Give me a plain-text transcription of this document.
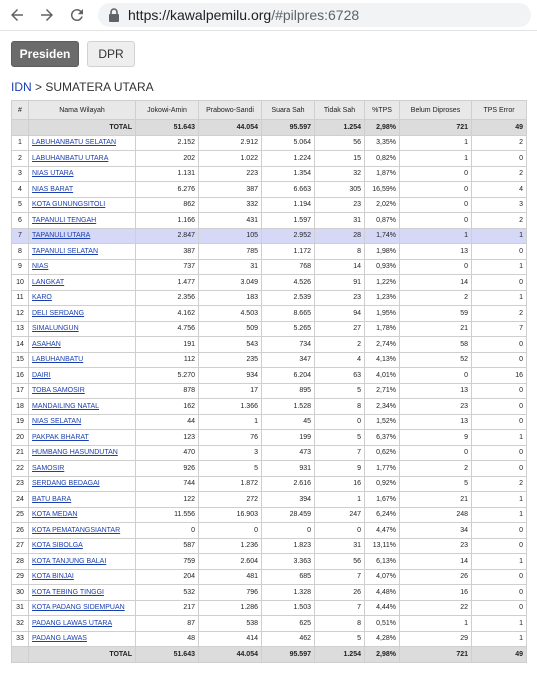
https://kawalpemilu.org /#pilpres:6728
Presiden	DPR
IDN > SUMATERA UTARA
#	Nama Wilayah	Jokowi-Amin	Prabowo-Sandi	Suara Sah	Tidak Sah	%TPS	Belum Diproses	TPS Error
	TOTAL	51.643	44.054	95.597	1.254	2,98%	721	49
1	LABUHANBATU SELATAN	2.152	2.912	5.064	56	3,35%	1	2
2	LABUHANBATU UTARA	202	1.022	1.224	15	0,82%	1	0
3	NIAS UTARA	1.131	223	1.354	32	1,87%	0	2
4	NIAS BARAT	6.276	387	6.663	305	16,59%	0	4
5	KOTA GUNUNGSITOLI	862	332	1.194	23	2,02%	0	3
6	TAPANULI TENGAH	1.166	431	1.597	31	0,87%	0	2
7	TAPANULI UTARA	2.847	105	2.952	28	1,74%	1	1
8	TAPANULI SELATAN	387	785	1.172	8	1,98%	13	0
9	NIAS	737	31	768	14	0,93%	0	1
10	LANGKAT	1.477	3.049	4.526	91	1,22%	14	0
11	KARO	2.356	183	2.539	23	1,23%	2	1
12	DELI SERDANG	4.162	4.503	8.665	94	1,95%	59	2
13	SIMALUNGUN	4.756	509	5.265	27	1,78%	21	7
14	ASAHAN	191	543	734	2	2,74%	58	0
15	LABUHANBATU	112	235	347	4	4,13%	52	0
16	DAIRI	5.270	934	6.204	63	4,01%	0	16
17	TOBA SAMOSIR	878	17	895	5	2,71%	13	0
18	MANDAILING NATAL	162	1.366	1.528	8	2,34%	23	0
19	NIAS SELATAN	44	1	45	0	1,52%	13	0
20	PAKPAK BHARAT	123	76	199	5	6,37%	9	1
21	HUMBANG HASUNDUTAN	470	3	473	7	0,62%	0	0
22	SAMOSIR	926	5	931	9	1,77%	2	0
23	SERDANG BEDAGAI	744	1.872	2.616	16	0,92%	5	2
24	BATU BARA	122	272	394	1	1,67%	21	1
25	KOTA MEDAN	11.556	16.903	28.459	247	6,24%	248	1
26	KOTA PEMATANGSIANTAR	0	0	0	0	4,47%	34	0
27	KOTA SIBOLGA	587	1.236	1.823	31	13,11%	23	0
28	KOTA TANJUNG BALAI	759	2.604	3.363	56	6,13%	14	1
29	KOTA BINJAI	204	481	685	7	4,07%	26	0
30	KOTA TEBING TINGGI	532	796	1.328	26	4,48%	16	0
31	KOTA PADANG SIDEMPUAN	217	1.286	1.503	7	4,44%	22	0
32	PADANG LAWAS UTARA	87	538	625	8	0,51%	1	1
33	PADANG LAWAS	48	414	462	5	4,28%	29	1
	TOTAL	51.643	44.054	95.597	1.254	2,98%	721	49
